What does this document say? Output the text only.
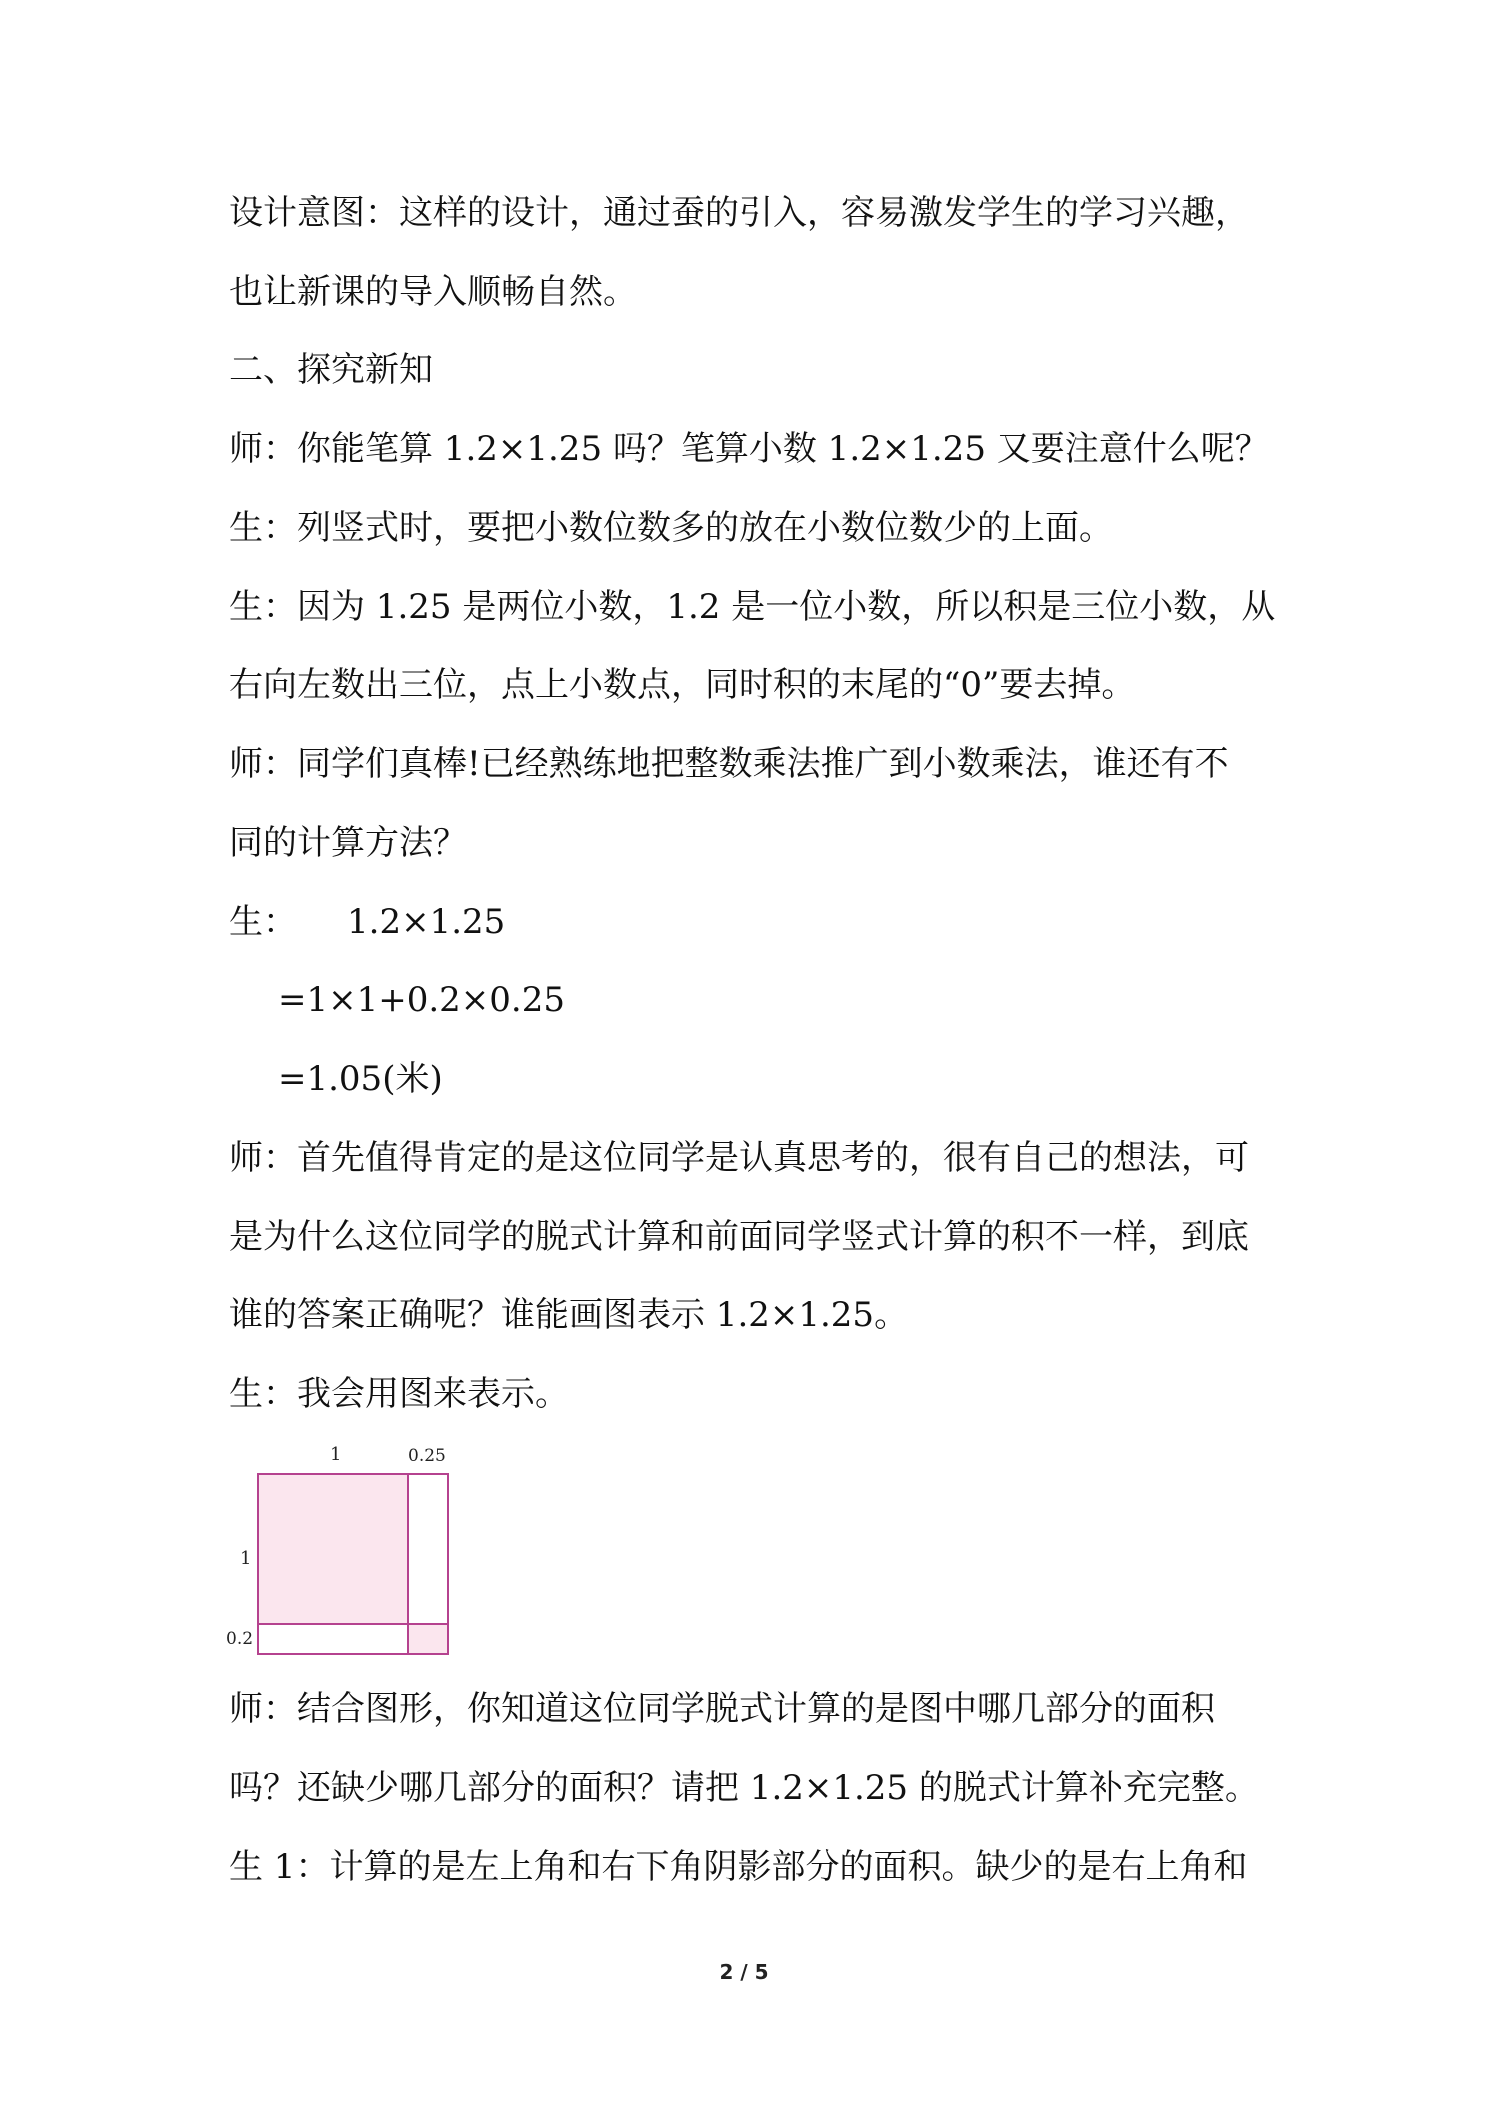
设计意图：这样的设计，通过蚕的引入，容易激发学生的学习兴趣，
也让新课的导入顺畅自然。
二、探究新知
师：你能笔算 1.2×1.25 吗？笔算小数 1.2×1.25 又要注意什么呢？
生：列竖式时，要把小数位数多的放在小数位数少的上面。
生：因为 1.25 是两位小数，1.2 是一位小数，所以积是三位小数，从
右向左数出三位，点上小数点，同时积的末尾的“0”要去掉。
师：同学们真棒!已经熟练地把整数乘法推广到小数乘法，谁还有不
同的计算方法？
生： 1.2×1.25
=1×1+0.2×0.25
=1.05(米)
师：首先值得肯定的是这位同学是认真思考的，很有自己的想法，可
是为什么这位同学的脱式计算和前面同学竖式计算的积不一样，到底
谁的答案正确呢？谁能画图表示 1.2×1.25。
生：我会用图来表示。
1	0.25
1
0.2
师：结合图形，你知道这位同学脱式计算的是图中哪几部分的面积
吗？还缺少哪几部分的面积？请把 1.2×1.25 的脱式计算补充完整。
生 1：计算的是左上角和右下角阴影部分的面积。缺少的是右上角和
2 / 5
